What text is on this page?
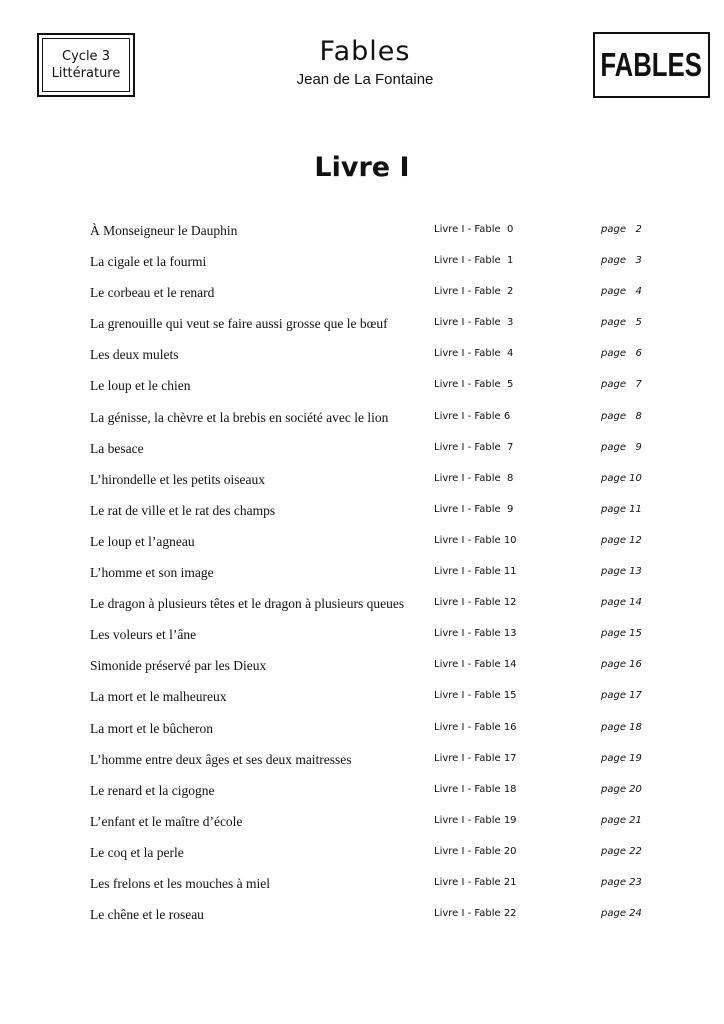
Cycle 3
Littérature
Fables
Jean de La Fontaine	FABLES
Livre I
À Monseigneur le Dauphin	Livre I - Fable  0	page   2
La cigale et la fourmi	Livre I - Fable  1	page   3
Le corbeau et le renard	Livre I - Fable  2	page   4
La grenouille qui veut se faire aussi grosse que le bœuf	Livre I - Fable  3	page   5
Les deux mulets	Livre I - Fable  4	page   6
Le loup et le chien	Livre I - Fable  5	page   7
La génisse, la chèvre et la brebis en société avec le lion	Livre I - Fable 6	page   8
La besace	Livre I - Fable  7	page   9
L’hirondelle et les petits oiseaux	Livre I - Fable  8	page 10
Le rat de ville et le rat des champs	Livre I - Fable  9	page 11
Le loup et l’agneau	Livre I - Fable 10	page 12
L’homme et son image	Livre I - Fable 11	page 13
Le dragon à plusieurs têtes et le dragon à plusieurs queues	Livre I - Fable 12	page 14
Les voleurs et l’âne	Livre I - Fable 13	page 15
Simonide préservé par les Dieux	Livre I - Fable 14	page 16
La mort et le malheureux	Livre I - Fable 15	page 17
La mort et le bûcheron	Livre I - Fable 16	page 18
L’homme entre deux âges et ses deux maitresses	Livre I - Fable 17	page 19
Le renard et la cigogne	Livre I - Fable 18	page 20
L’enfant et le maître d’école	Livre I - Fable 19	page 21
Le coq et la perle	Livre I - Fable 20	page 22
Les frelons et les mouches à miel	Livre I - Fable 21	page 23
Le chêne et le roseau	Livre I - Fable 22	page 24
